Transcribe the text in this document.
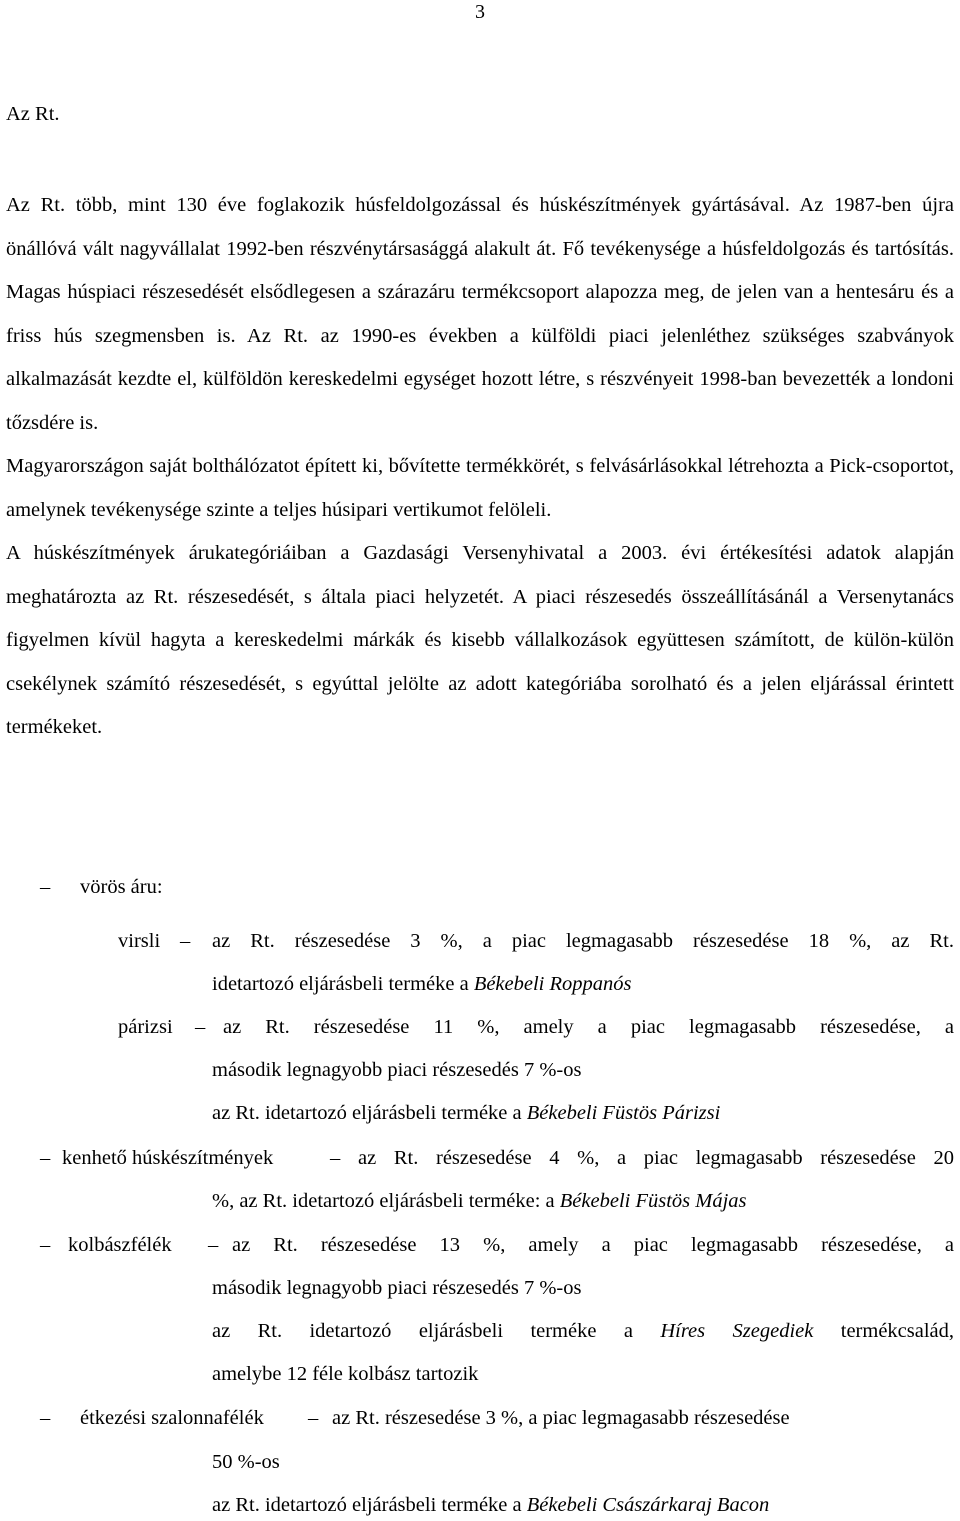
3
Az Rt.

Az Rt. több, mint 130 éve foglakozik húsfeldolgozással és húskészítmények gyártásával. Az 1987-ben újra önállóvá vált nagyvállalat 1992-ben részvénytársasággá alakult át. Fő tevékenysége a húsfeldolgozás és tartósítás. Magas húspiaci részesedését elsődlegesen a szárazáru termékcsoport alapozza meg, de jelen van a hentesáru és a friss hús szegmensben is. Az Rt. az 1990-es években a külföldi piaci jelenléthez szükséges szabványok alkalmazását kezdte el, külföldön kereskedelmi egységet hozott létre, s részvényeit 1998-ban bevezették a londoni tőzsdére is.

Magyarországon saját bolthálózatot épített ki, bővítette termékkörét, s felvásárlásokkal létrehozta a Pick-csoportot, amelynek tevékenysége szinte a teljes húsipari vertikumot felöleli.

A húskészítmények árukategóriáiban a Gazdasági Versenyhivatal a 2003. évi értékesítési adatok alapján meghatározta az Rt. részesedését, s általa piaci helyzetét. A piaci részesedés összeállításánál a Versenytanács figyelmen kívül hagyta a kereskedelmi márkák és kisebb vállalkozások együttesen számított, de külön-külön csekélynek számító részesedését, s egyúttal jelölte az adott kategóriába sorolható és a jelen eljárással érintett termékeket.

– vörös áru:
virsli – az Rt. részesedése 3 %, a piac legmagasabb részesedése 18 %, az Rt.
idetartozó eljárásbeli terméke a Békebeli Roppanós
párizsi – az Rt. részesedése 11 %, amely a piac legmagasabb részesedése, a
második legnagyobb piaci részesedés 7 %-os
az Rt. idetartozó eljárásbeli terméke a Békebeli Füstös Párizsi
– kenhető húskészítmények	– az Rt. részesedése 4 %, a piac legmagasabb részesedése 20
%, az Rt. idetartozó eljárásbeli terméke: a Békebeli Füstös Májas
– kolbászfélék – az Rt. részesedése 13 %, amely a piac legmagasabb részesedése, a
második legnagyobb piaci részesedés 7 %-os
az Rt. idetartozó eljárásbeli terméke a Híres Szegediek termékcsalád,
amelybe 12 féle kolbász tartozik
– étkezési szalonnafélék – az Rt. részesedése 3 %, a piac legmagasabb részesedése
50 %-os
az Rt. idetartozó eljárásbeli terméke a Békebeli Császárkaraj Bacon
